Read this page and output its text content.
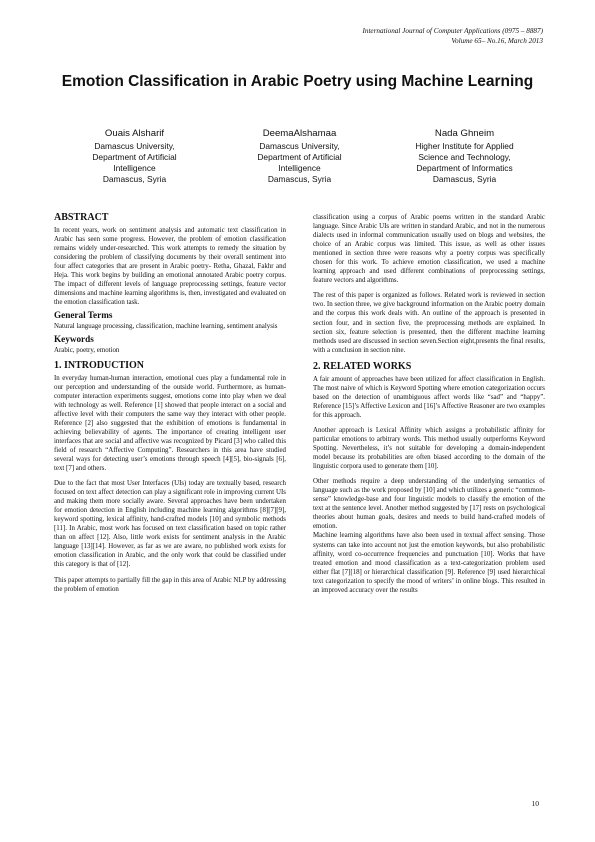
International Journal of Computer Applications (0975 – 8887)
Volume 65– No.16, March 2013
Emotion Classification in Arabic Poetry using Machine Learning
Ouais Alsharif
Damascus University,
Department of Artificial
Intelligence
Damascus, Syria
DeemaAlshamaa
Damascus University,
Department of Artificial
Intelligence
Damascus, Syria
Nada Ghneim
Higher Institute for Applied
Science and Technology,
Department of Informatics
Damascus, Syria
ABSTRACT

In recent years, work on sentiment analysis and automatic text classification in Arabic has seen some progress. However, the problem of emotion classification remains widely under-researched. This work attempts to remedy the situation by considering the problem of classifying documents by their overall sentiment into four affect categories that are present in Arabic poetry- Retha, Ghazal, Fakhr and Heja. This work begins by building an emotional annotated Arabic poetry corpus. The impact of different levels of language preprocessing settings, feature vector dimensions and machine learning algorithms is, then, investigated and evaluated on the emotion classification task.

General Terms

Natural language processing, classification, machine learning, sentiment analysis

Keywords

Arabic, poetry, emotion

1. INTRODUCTION

In everyday human-human interaction, emotional cues play a fundamental role in our perception and understanding of the outside world. Furthermore, as human-computer interaction experiments suggest, emotions come into play when we deal with technology as well. Reference [1] showed that people interact on a social and affective level with their computers the same way they interact with other people. Reference [2] also suggested that the exhibition of emotions is fundamental in achieving believability of agents. The importance of creating intelligent user interfaces that are social and affective was recognized by Picard [3] who called this field of research “Affective Computing”. Researchers in this area have studied several ways for detecting user’s emotions through speech [4][5], bio-signals [6], text [7] and others.

Due to the fact that most User Interfaces (UIs) today are textually based, research focused on text affect detection can play a significant role in improving current UIs and making them more socially aware. Several approaches have been undertaken for emotion detection in English including machine learning algorithms [8][7][9], keyword spotting, lexical affinity, hand-crafted models [10] and symbolic methods [11]. In Arabic, most work has focused on text classification based on topic rather than on affect [12]. Also, little work exists for sentiment analysis in the Arabic language [13][14]. However, as far as we are aware, no published work exists for emotion classification in Arabic, and the only work that could be classified under this category is that of [12].

This paper attempts to partially fill the gap in this area of Arabic NLP by addressing the problem of emotion

classification using a corpus of Arabic poems written in the standard Arabic language. Since Arabic UIs are written in standard Arabic, and not in the numerous dialects used in informal communication usually used on blogs and websites, the choice of an Arabic corpus was limited. This issue, as well as other issues mentioned in section three were reasons why a poetry corpus was specifically chosen for this work. To achieve emotion classification, we used a machine learning approach and used different combinations of preprocessing settings, feature vectors and algorithms.

The rest of this paper is organized as follows. Related work is reviewed in section two. In section three, we give background information on the Arabic poetry domain and the corpus this work deals with. An outline of the approach is presented in section four, and in section five, the preprocessing methods are explained. In section six, feature selection is presented, then the different machine learning methods used are discussed in section seven.Section eight,presents the final results, with a conclusion in section nine.

2. RELATED WORKS

A fair amount of approaches have been utilized for affect classification in English. The most naive of which is Keyword Spotting where emotion categorization occurs based on the detection of unambiguous affect words like “sad” and “happy”. Reference [15]’s Affective Lexicon and [16]’s Affective Reasoner are two examples for this approach.

Another approach is Lexical Affinity which assigns a probabilistic affinity for particular emotions to arbitrary words. This method usually outperforms Keyword Spotting. Nevertheless, it’s not suitable for developing a domain-independent model because its probabilities are often biased according to the domain of the linguistic corpora used to generate them [10].

Other methods require a deep understanding of the underlying semantics of language such as the work proposed by [10] and which utilizes a generic “common-sense” knowledge-base and four linguistic models to classify the emotion of the text at the sentence level. Another method suggested by [17] rests on psychological theories about human goals, desires and needs to build hand-crafted models of emotion.

Machine learning algorithms have also been used in textual affect sensing. Those systems can take into account not just the emotion keywords, but also probabilistic affinity, word co-occurrence frequencies and punctuation [10]. Works that have treated emotion and mood classification as a text-categorization problem used either flat [7][18] or hierarchical classification [9]. Reference [9] used hierarchical text categorization to specify the mood of writers’ in online blogs. This resulted in an improved accuracy over the results

10
